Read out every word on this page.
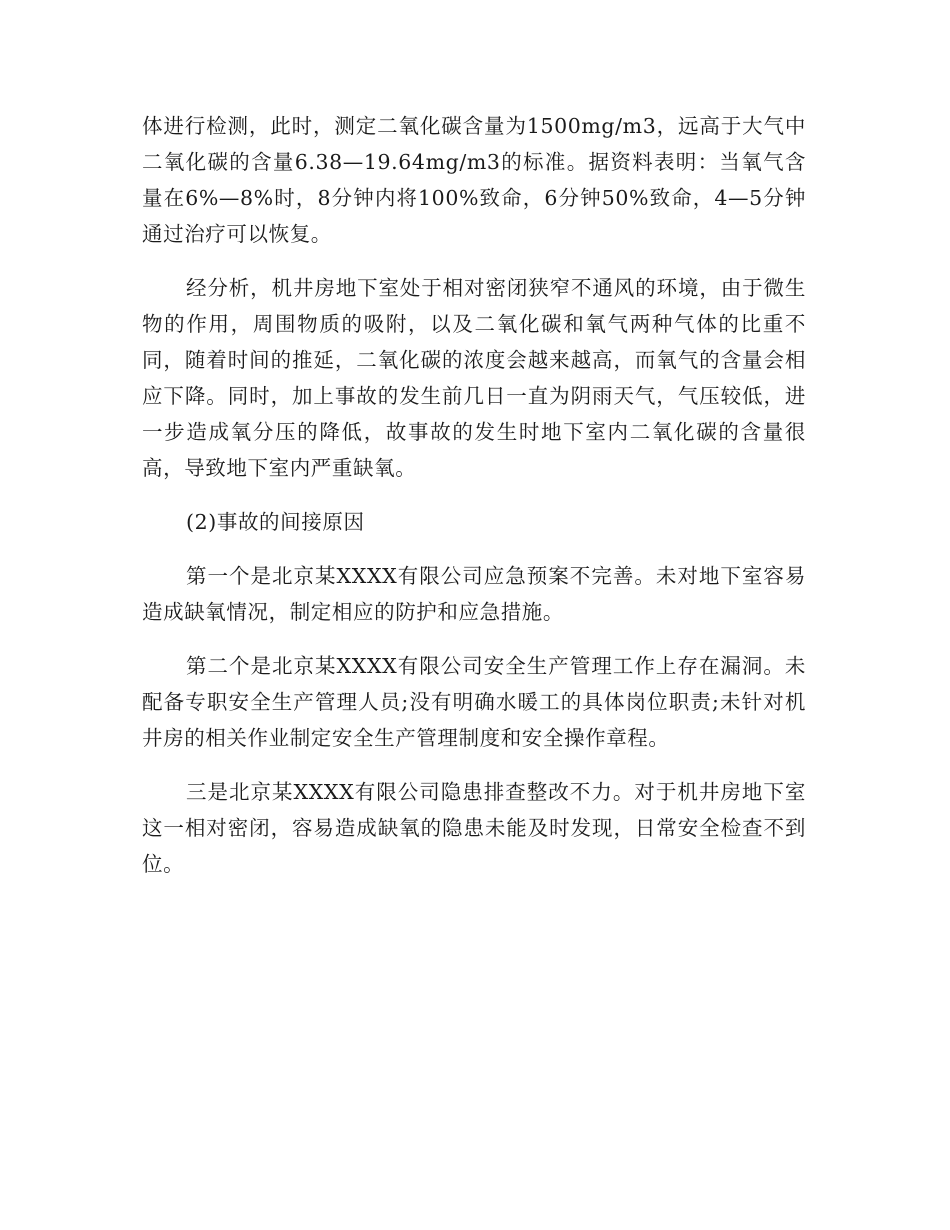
体进行检测，此时，测定二氧化碳含量为1500mg/m3，远高于大气中二氧化碳的含量6.38—19.64mg/m3的标准。据资料表明：当氧气含量在6%—8%时，8分钟内将100%致命，6分钟50%致命，4—5分钟通过治疗可以恢复。

经分析，机井房地下室处于相对密闭狭窄不通风的环境，由于微生物的作用，周围物质的吸附，以及二氧化碳和氧气两种气体的比重不同，随着时间的推延，二氧化碳的浓度会越来越高，而氧气的含量会相应下降。同时，加上事故的发生前几日一直为阴雨天气，气压较低，进一步造成氧分压的降低，故事故的发生时地下室内二氧化碳的含量很高，导致地下室内严重缺氧。

(2)事故的间接原因

第一个是北京某XXXX有限公司应急预案不完善。未对地下室容易造成缺氧情况，制定相应的防护和应急措施。

第二个是北京某XXXX有限公司安全生产管理工作上存在漏洞。未配备专职安全生产管理人员;没有明确水暖工的具体岗位职责;未针对机井房的相关作业制定安全生产管理制度和安全操作章程。

三是北京某XXXX有限公司隐患排查整改不力。对于机井房地下室这一相对密闭，容易造成缺氧的隐患未能及时发现，日常安全检查不到位。
